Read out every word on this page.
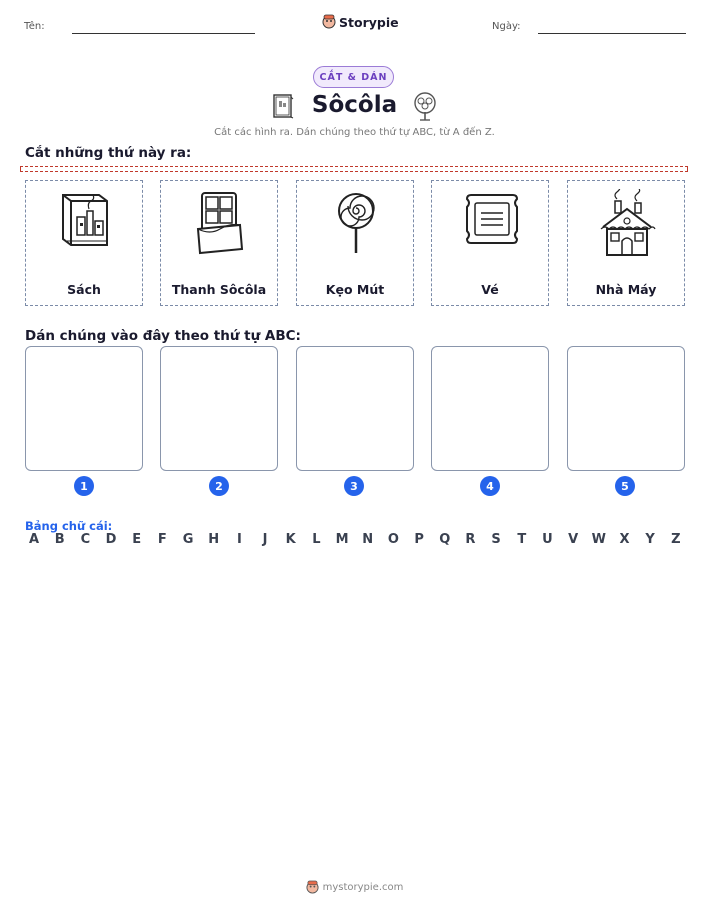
Tên:	Storypie	Ngày:
CẮT & DÁN
Sôcôla
Cắt các hình ra. Dán chúng theo thứ tự ABC, từ A đến Z.
Cắt những thứ này ra:
Sách	Thanh Sôcôla	Kẹo Mút	Vé	Nhà Máy
Dán chúng vào đây theo thứ tự ABC:
1	2	3	4	5
Bảng chữ cái:
A	B	C	D	E	F	G H	I	J	K	L	M N O	P	Q	R	S	T	U	V	W	X	Y	Z
mystorypie.com
